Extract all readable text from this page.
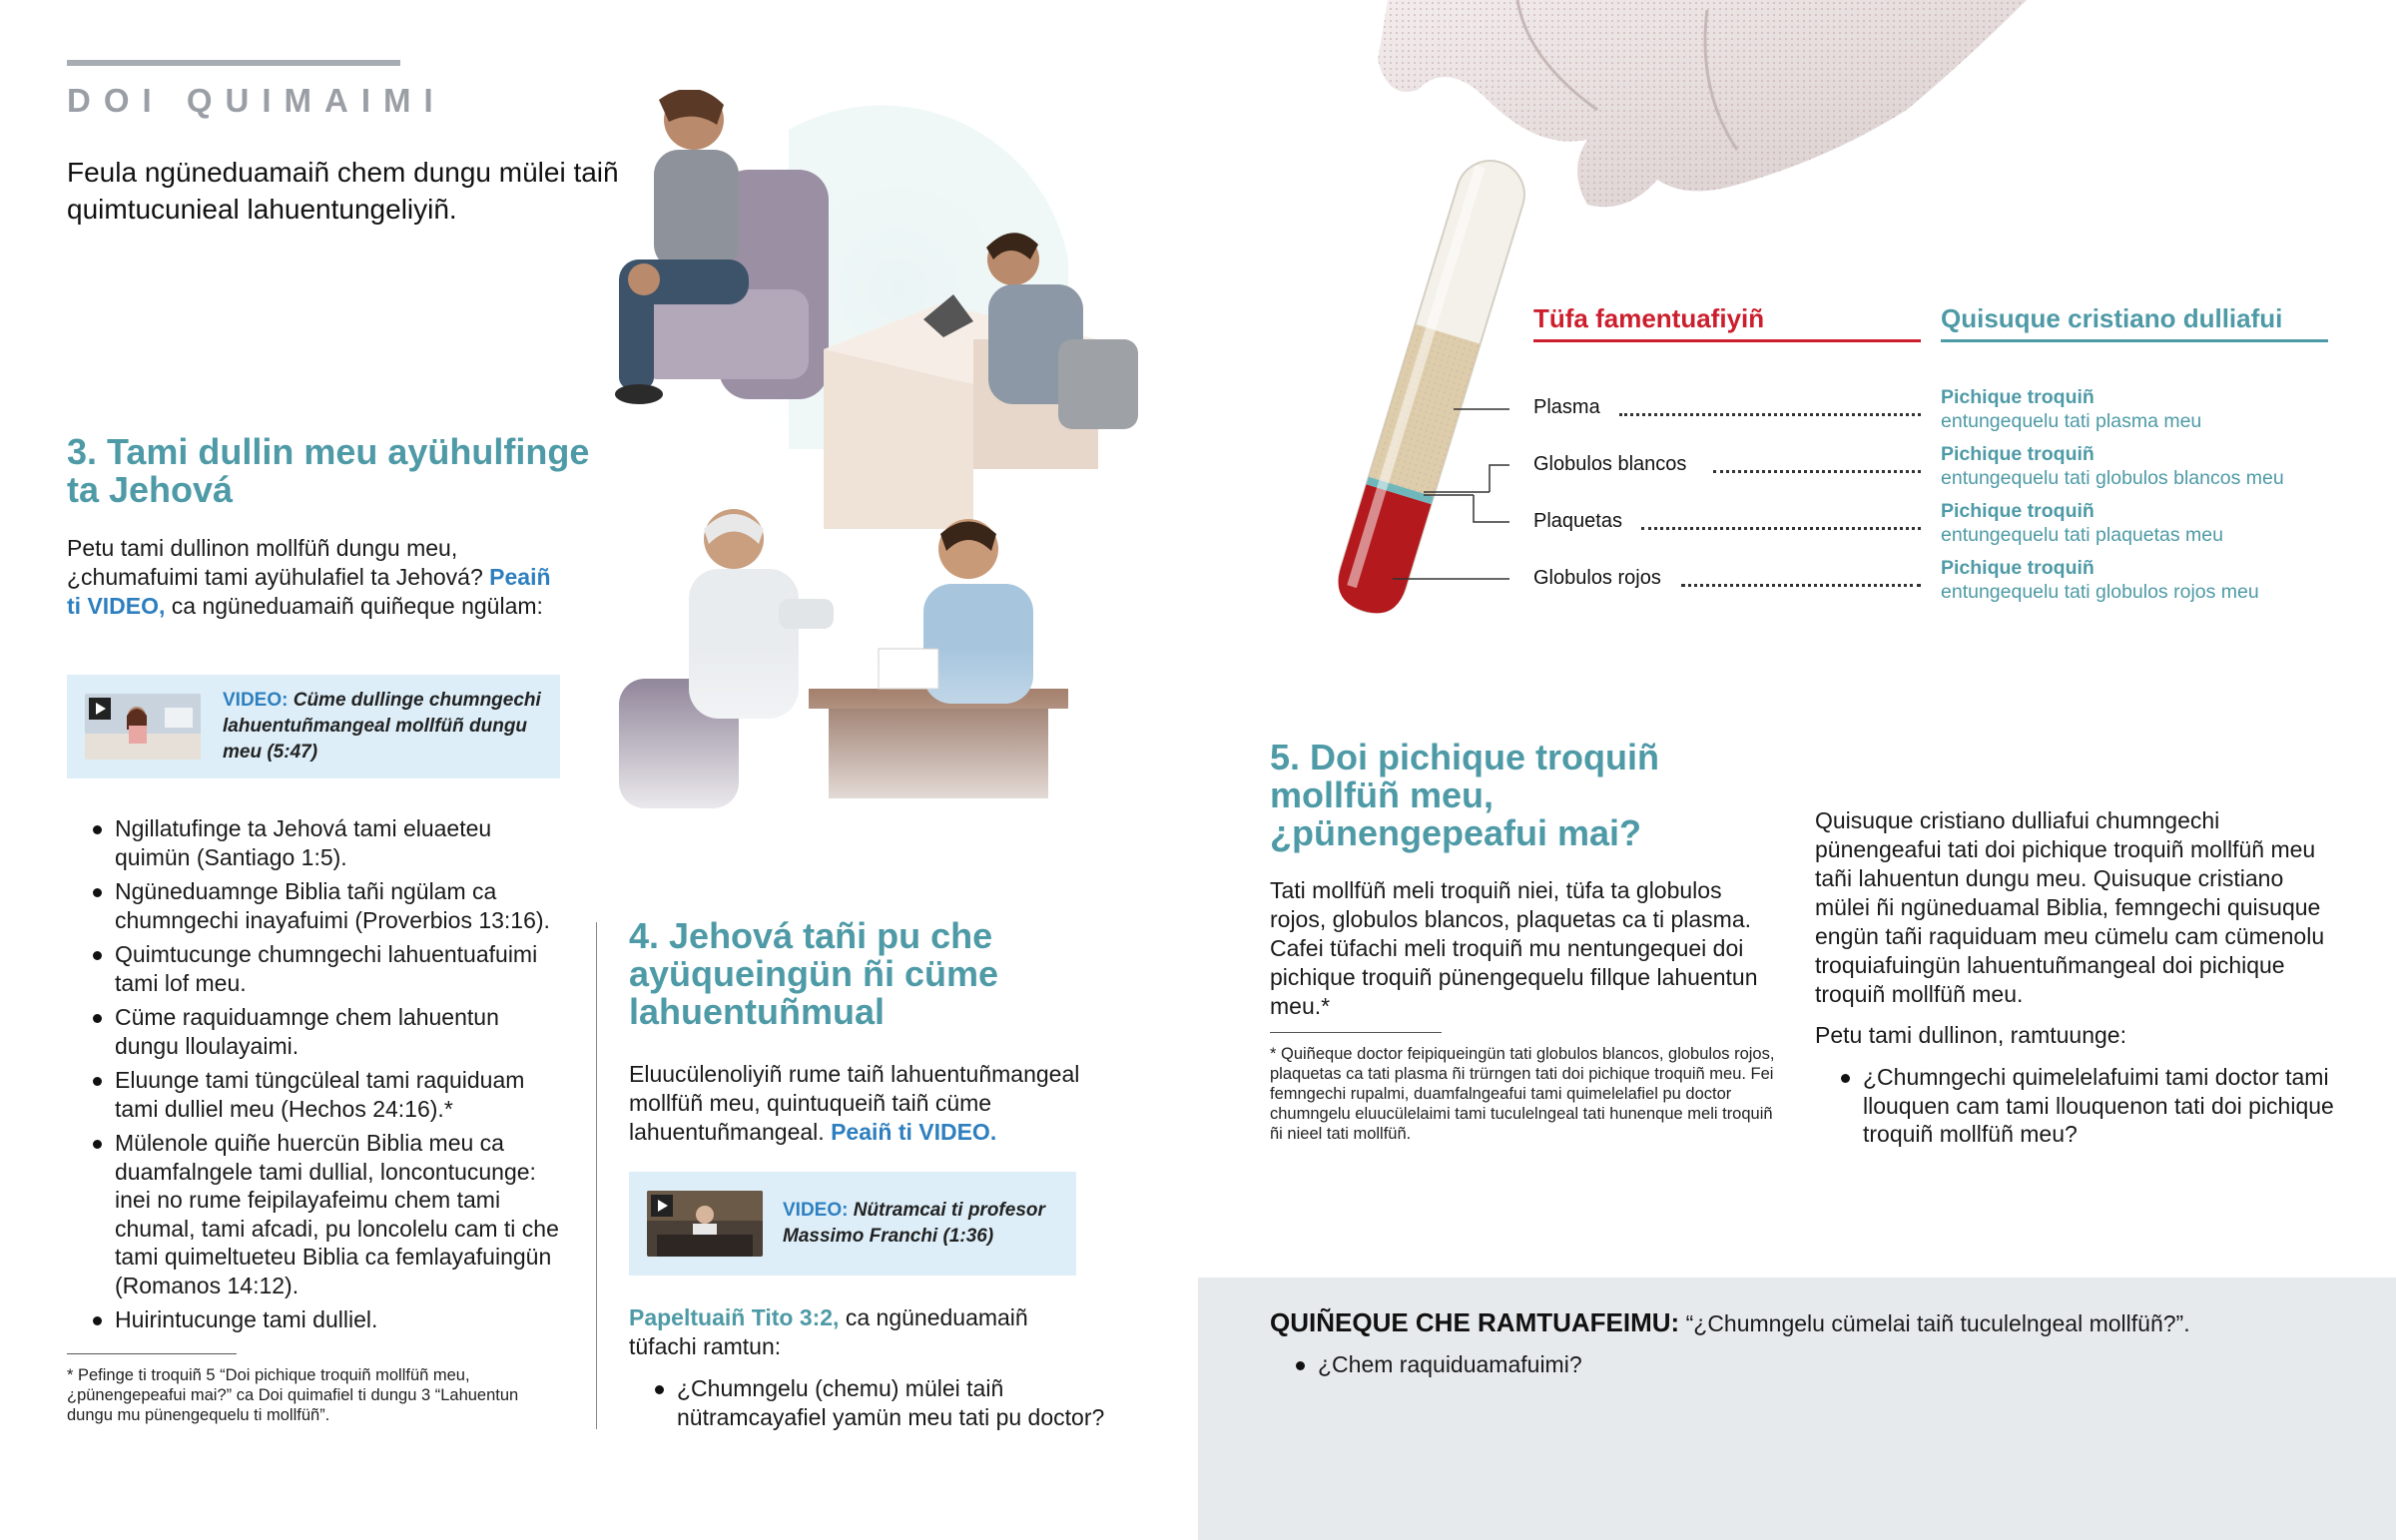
DOI QUIMAIMI
Feula ngüneduamaiñ chem dungu mülei taiñ quimtucunieal lahuentungeliyiñ.
3. Tami dullin meu ayühulfinge ta Jehová
Petu tami dullinon mollfüñ dungu meu, ¿chumafuimi tami ayühulafiel ta Jehová? Peaiñ ti VIDEO, ca ngüneduamaiñ quiñeque ngülam:
VIDEO: Cüme dullinge chumngechi lahuentuñmangeal mollfüñ dungu meu (5:47)
Ngillatufinge ta Jehová tami eluaeteu quimün (Santiago 1:5).
Ngüneduamnge Biblia tañi ngülam ca chumngechi inayafuimi (Proverbios 13:16).
Quimtucunge chumngechi lahuentuafuimi tami lof meu.
Cüme raquiduamnge chem lahuentun dungu lloulayaimi.
Eluunge tami tüngcüleal tami raquiduam tami dulliel meu (Hechos 24:16).*
Mülenole quiñe huercün Biblia meu ca duamfalngele tami dullial, loncontucunge: inei no rume feipilayafeimu chem tami chumal, tami afcadi, pu loncolelu cam ti che tami quimeltueteu Biblia ca femlayafuingün (Romanos 14:12).
Huirintucunge tami dulliel.
* Pefinge ti troquiñ 5 “Doi pichique troquiñ mollfüñ meu, ¿pünengepeafui mai?” ca Doi quimafiel ti dungu 3 “Lahuentun dungu mu pünengequelu ti mollfüñ”.
4. Jehová tañi pu che ayüqueingün ñi cüme lahuentuñmual
Eluucülenoliyiñ rume taiñ lahuentuñmangeal mollfüñ meu, quintuqueiñ taiñ cüme lahuentuñmangeal. Peaiñ ti VIDEO.
VIDEO: Nütramcai ti profesor Massimo Franchi (1:36)
Papeltuaiñ Tito 3:2, ca ngüneduamaiñ tüfachi ramtun:
¿Chumngelu (chemu) mülei taiñ nütramcayafiel yamün meu tati pu doctor?
Tüfa famentuafiyiñ	Quisuque cristiano dulliafui
Plasma	Pichique troquiñ
entungequelu tati plasma meu
Globulos blancos	Pichique troquiñ
entungequelu tati globulos blancos meu
Plaquetas	Pichique troquiñ
entungequelu tati plaquetas meu
Globulos rojos	Pichique troquiñ
entungequelu tati globulos rojos meu
5. Doi pichique troquiñ mollfüñ meu, ¿pünengepeafui mai?
Tati mollfüñ meli troquiñ niei, tüfa ta globulos rojos, globulos blancos, plaquetas ca ti plasma. Cafei tüfachi meli troquiñ mu nentungequei doi pichique troquiñ pünengequelu fillque lahuentun meu.*
* Quiñeque doctor feipiqueingün tati globulos blancos, globulos rojos, plaquetas ca tati plasma ñi trürngen tati doi pichique troquiñ meu. Fei femngechi rupalmi, duamfalngeafui tami quimelelafiel pu doctor chumngelu eluucülelaimi tami tuculelngeal tati hunenque meli troquiñ ñi nieel tati mollfüñ.
Quisuque cristiano dulliafui chumngechi pünengeafui tati doi pichique troquiñ mollfüñ meu tañi lahuentun dungu meu. Quisuque cristiano mülei ñi ngüneduamal Biblia, femngechi quisuque engün tañi raquiduam meu cümelu cam cümenolu troquiafuingün lahuentuñmangeal doi pichique troquiñ mollfüñ meu.
Petu tami dullinon, ramtuunge:
¿Chumngechi quimelelafuimi tami doctor tami llouquen cam tami llouquenon tati doi pichique troquiñ mollfüñ meu?
QUIÑEQUE CHE RAMTUAFEIMU: “¿Chumngelu cümelai taiñ tuculelngeal mollfüñ?”.
¿Chem raquiduamafuimi?
